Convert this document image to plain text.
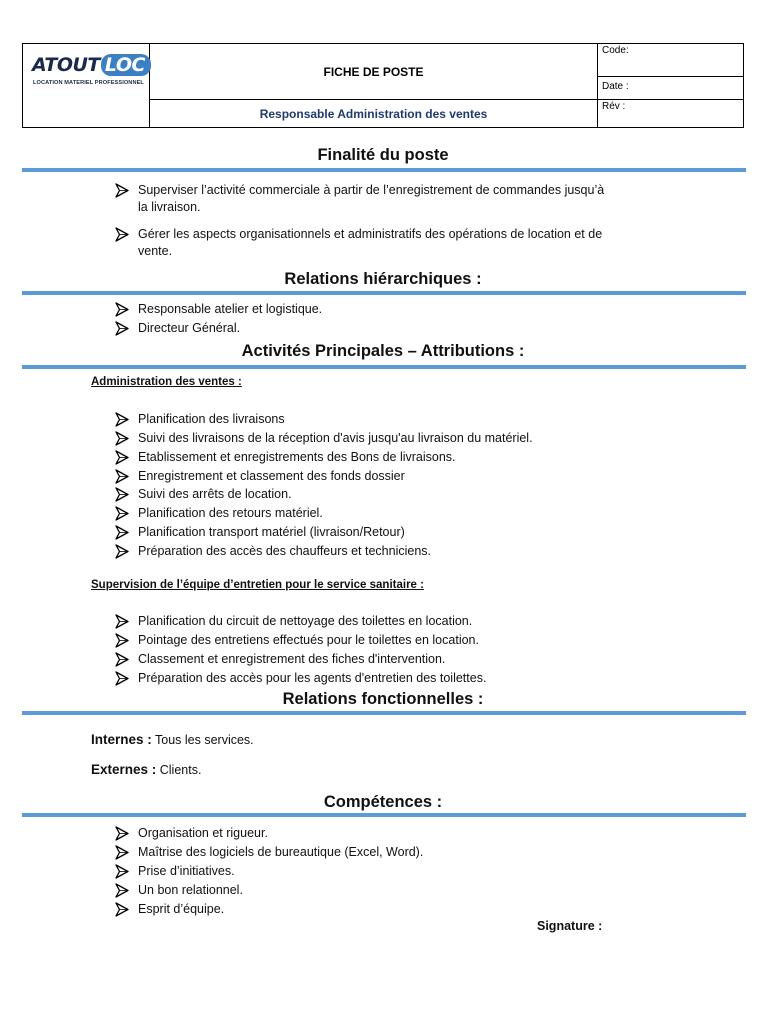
ATOUT LOC
LOCATION MATERIEL PROFESSIONNEL
FICHE DE POSTE
Responsable Administration des ventes
Code:
Date :
Rév :
Finalité du poste
Superviser l’activité commerciale à partir de l’enregistrement de commandes jusqu’à
la livraison.
Gérer les aspects organisationnels et administratifs des opérations de location et de
vente.
Relations hiérarchiques :
Responsable atelier et logistique.
Directeur Général.
Activités Principales – Attributions :
Administration des ventes :
Planification des livraisons
Suivi des livraisons de la réception d'avis jusqu'au livraison du matériel.
Etablissement et enregistrements des Bons de livraisons.
Enregistrement et classement des fonds dossier
Suivi des arrêts de location.
Planification des retours matériel.
Planification transport matériel (livraison/Retour)
Préparation des accès des chauffeurs et techniciens.
Supervision de l’équipe d’entretien pour le service sanitaire :
Planification du circuit de nettoyage des toilettes en location.
Pointage des entretiens effectués pour le toilettes en location.
Classement et enregistrement des fiches d'intervention.
Préparation des accès pour les agents d'entretien des toilettes.
Relations fonctionnelles :
Internes : Tous les services.
Externes : Clients.
Compétences :
Organisation et rigueur.
Maîtrise des logiciels de bureautique (Excel, Word).
Prise d’initiatives.
Un bon relationnel.
Esprit d’équipe.
Signature :
